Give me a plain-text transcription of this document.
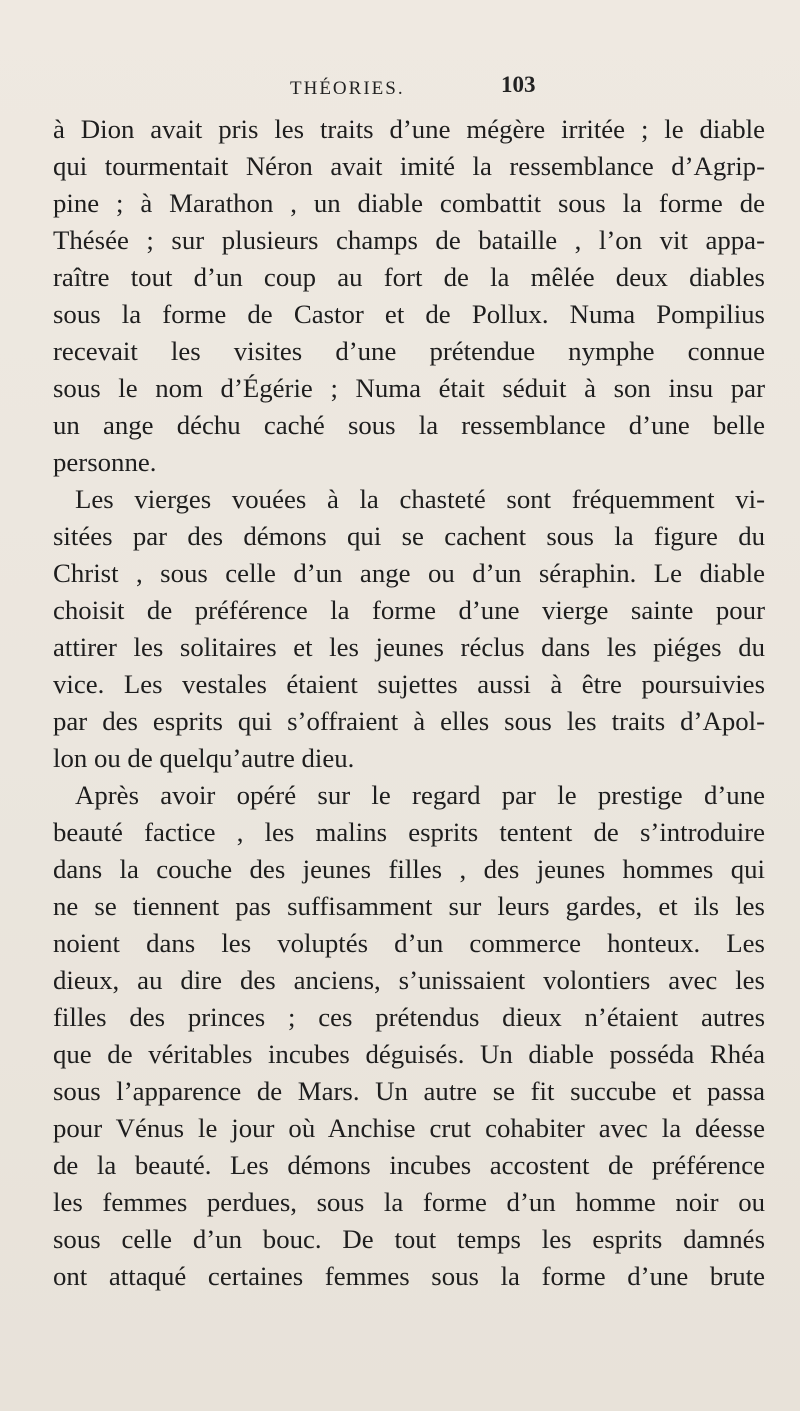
THÉORIES.	103
à Dion avait pris les traits d’une mégère irritée ; le diable
qui tourmentait Néron avait imité la ressemblance d’Agrip-
pine ; à Marathon , un diable combattit sous la forme de
Thésée ; sur plusieurs champs de bataille , l’on vit appa-
raître tout d’un coup au fort de la mêlée deux diables
sous la forme de Castor et de Pollux. Numa Pompilius
recevait les visites d’une prétendue nymphe connue
sous le nom d’Égérie ; Numa était séduit à son insu par
un ange déchu caché sous la ressemblance d’une belle
personne.
Les vierges vouées à la chasteté sont fréquemment vi-
sitées par des démons qui se cachent sous la figure du
Christ , sous celle d’un ange ou d’un séraphin. Le diable
choisit de préférence la forme d’une vierge sainte pour
attirer les solitaires et les jeunes réclus dans les piéges du
vice. Les vestales étaient sujettes aussi à être poursuivies
par des esprits qui s’offraient à elles sous les traits d’Apol-
lon ou de quelqu’autre dieu.
Après avoir opéré sur le regard par le prestige d’une
beauté factice , les malins esprits tentent de s’introduire
dans la couche des jeunes filles , des jeunes hommes qui
ne se tiennent pas suffisamment sur leurs gardes, et ils les
noient dans les voluptés d’un commerce honteux. Les
dieux, au dire des anciens, s’unissaient volontiers avec les
filles des princes ; ces prétendus dieux n’étaient autres
que de véritables incubes déguisés. Un diable posséda Rhéa
sous l’apparence de Mars. Un autre se fit succube et passa
pour Vénus le jour où Anchise crut cohabiter avec la déesse
de la beauté. Les démons incubes accostent de préférence
les femmes perdues, sous la forme d’un homme noir ou
sous celle d’un bouc. De tout temps les esprits damnés
ont attaqué certaines femmes sous la forme d’une brute
